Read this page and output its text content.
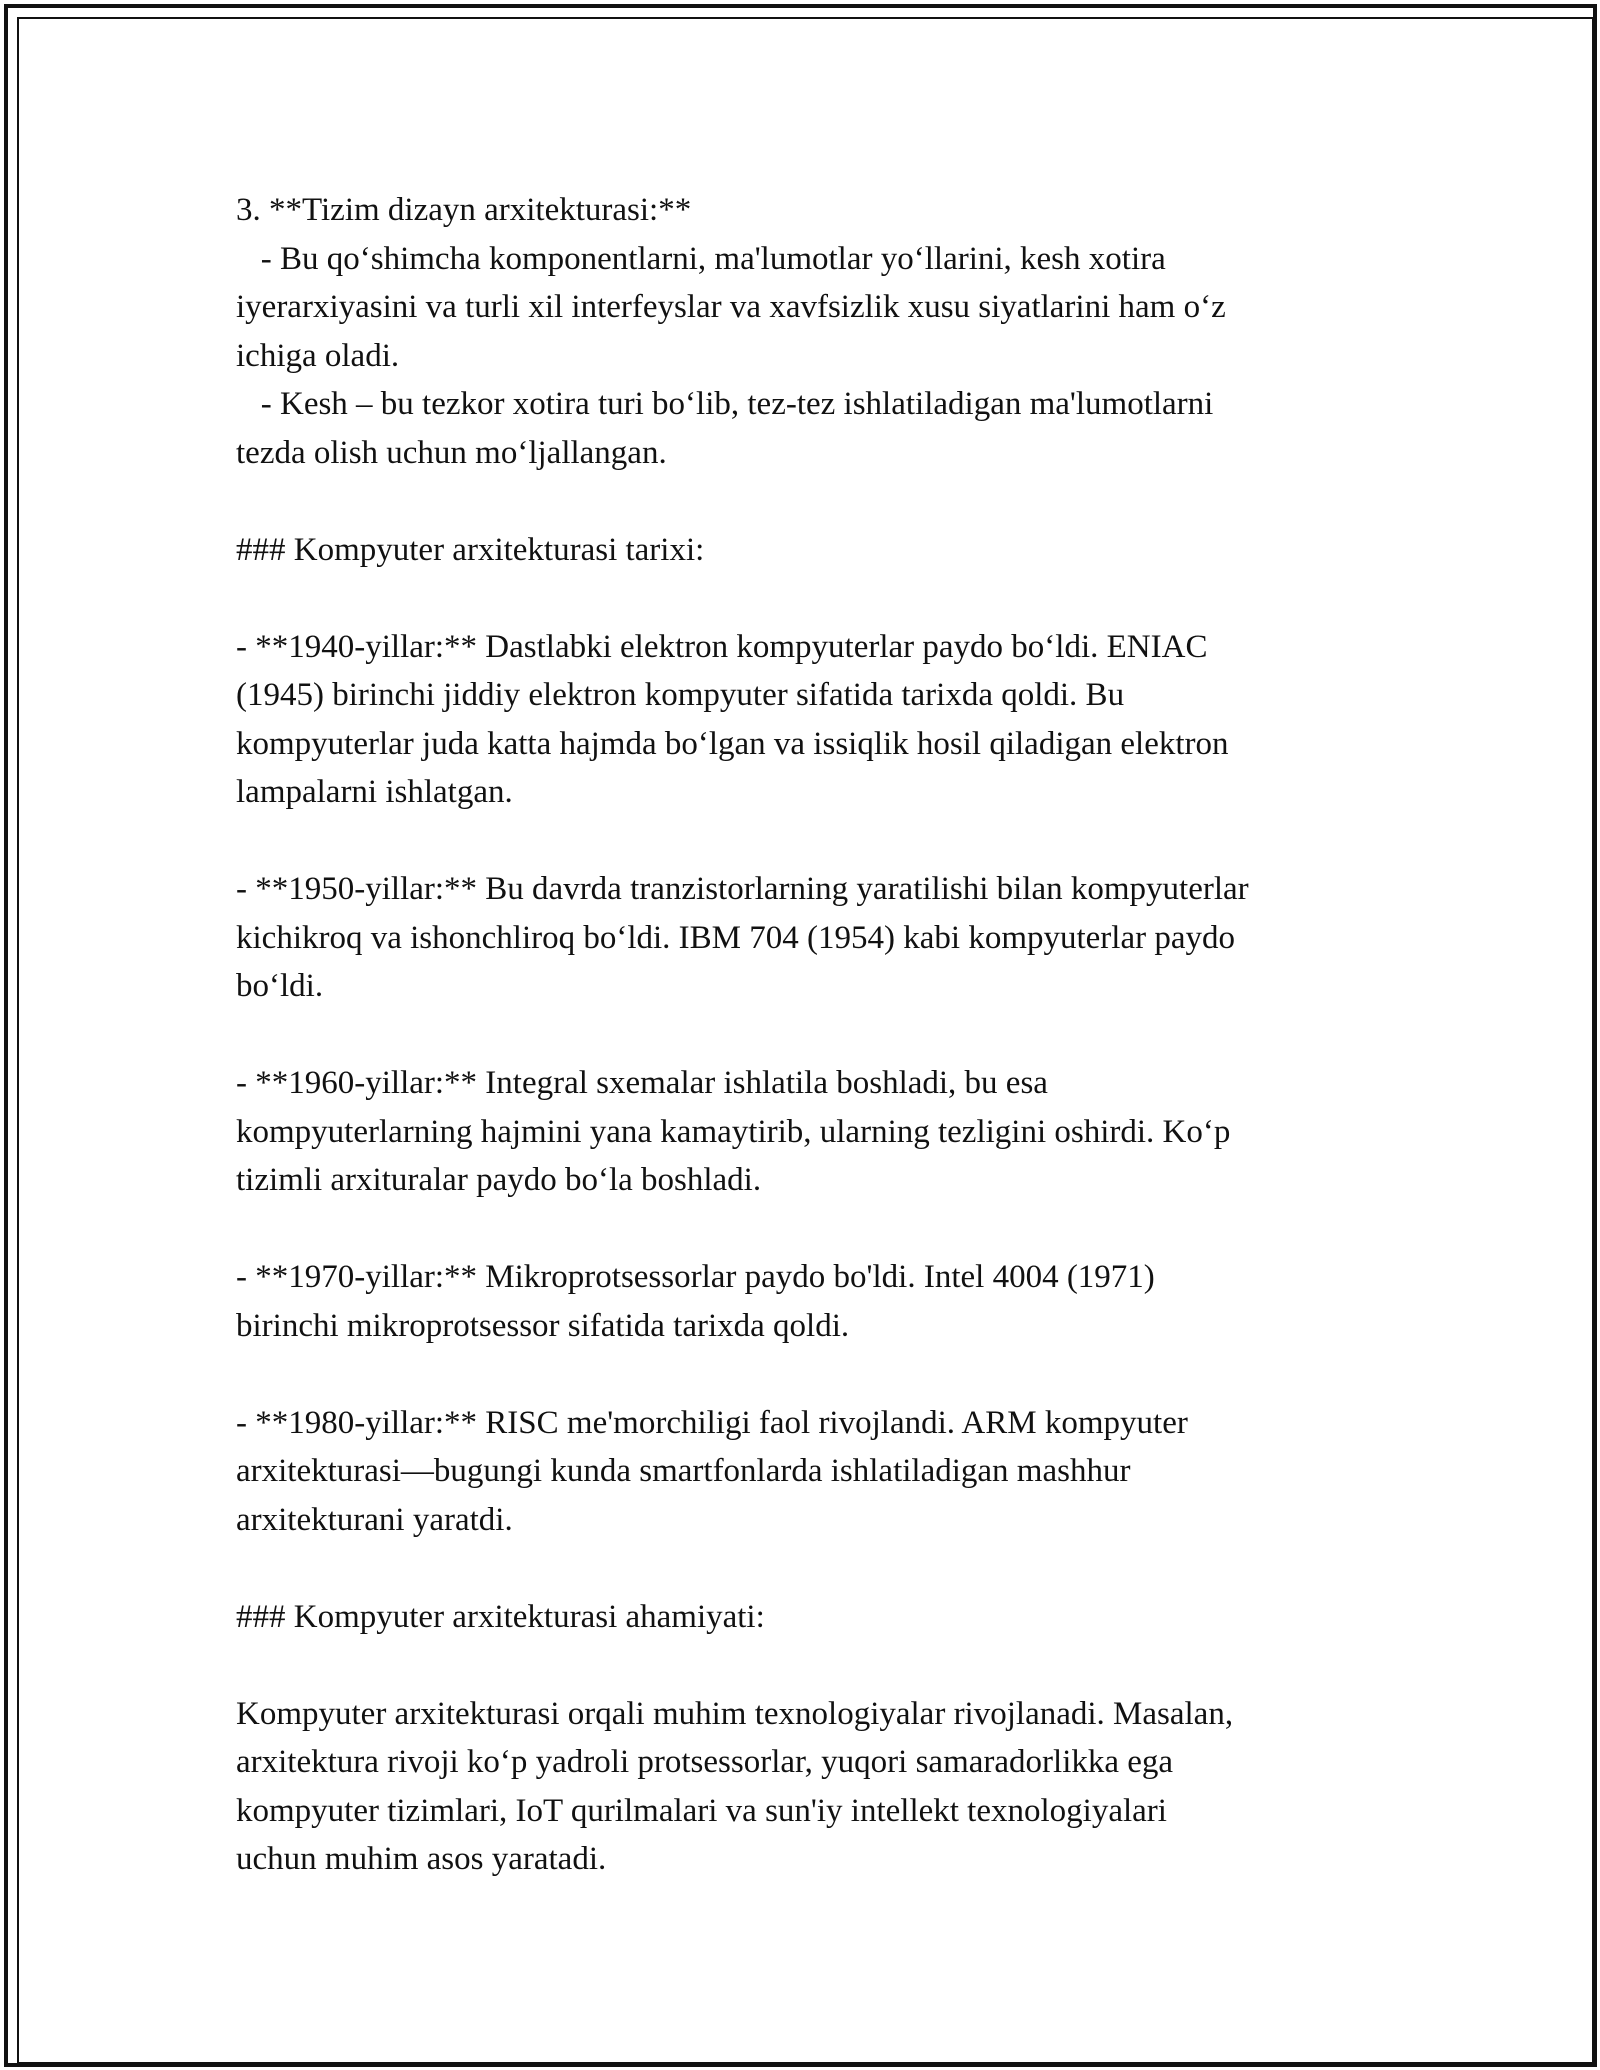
3. **Tizim dizayn arxitekturasi:**
- Bu qo‘shimcha komponentlarni, ma'lumotlar yo‘llarini, kesh xotira
iyerarxiyasini va turli xil interfeyslar va xavfsizlik xusu siyatlarini ham o‘z
ichiga oladi.
- Kesh – bu tezkor xotira turi bo‘lib, tez-tez ishlatiladigan ma'lumotlarni
tezda olish uchun mo‘ljallangan.
### Kompyuter arxitekturasi tarixi:
- **1940-yillar:** Dastlabki elektron kompyuterlar paydo bo‘ldi. ENIAC
(1945) birinchi jiddiy elektron kompyuter sifatida tarixda qoldi. Bu
kompyuterlar juda katta hajmda bo‘lgan va issiqlik hosil qiladigan elektron
lampalarni ishlatgan.
- **1950-yillar:** Bu davrda tranzistorlarning yaratilishi bilan kompyuterlar
kichikroq va ishonchliroq bo‘ldi. IBM 704 (1954) kabi kompyuterlar paydo
bo‘ldi.
- **1960-yillar:** Integral sxemalar ishlatila boshladi, bu esa
kompyuterlarning hajmini yana kamaytirib, ularning tezligini oshirdi. Ko‘p
tizimli arxituralar paydo bo‘la boshladi.
- **1970-yillar:** Mikroprotsessorlar paydo bo'ldi. Intel 4004 (1971)
birinchi mikroprotsessor sifatida tarixda qoldi.
- **1980-yillar:** RISC me'morchiligi faol rivojlandi. ARM kompyuter
arxitekturasi—bugungi kunda smartfonlarda ishlatiladigan mashhur
arxitekturani yaratdi.
### Kompyuter arxitekturasi ahamiyati:
Kompyuter arxitekturasi orqali muhim texnologiyalar rivojlanadi. Masalan,
arxitektura rivoji ko‘p yadroli protsessorlar, yuqori samaradorlikka ega
kompyuter tizimlari, IoT qurilmalari va sun'iy intellekt texnologiyalari
uchun muhim asos yaratadi.
